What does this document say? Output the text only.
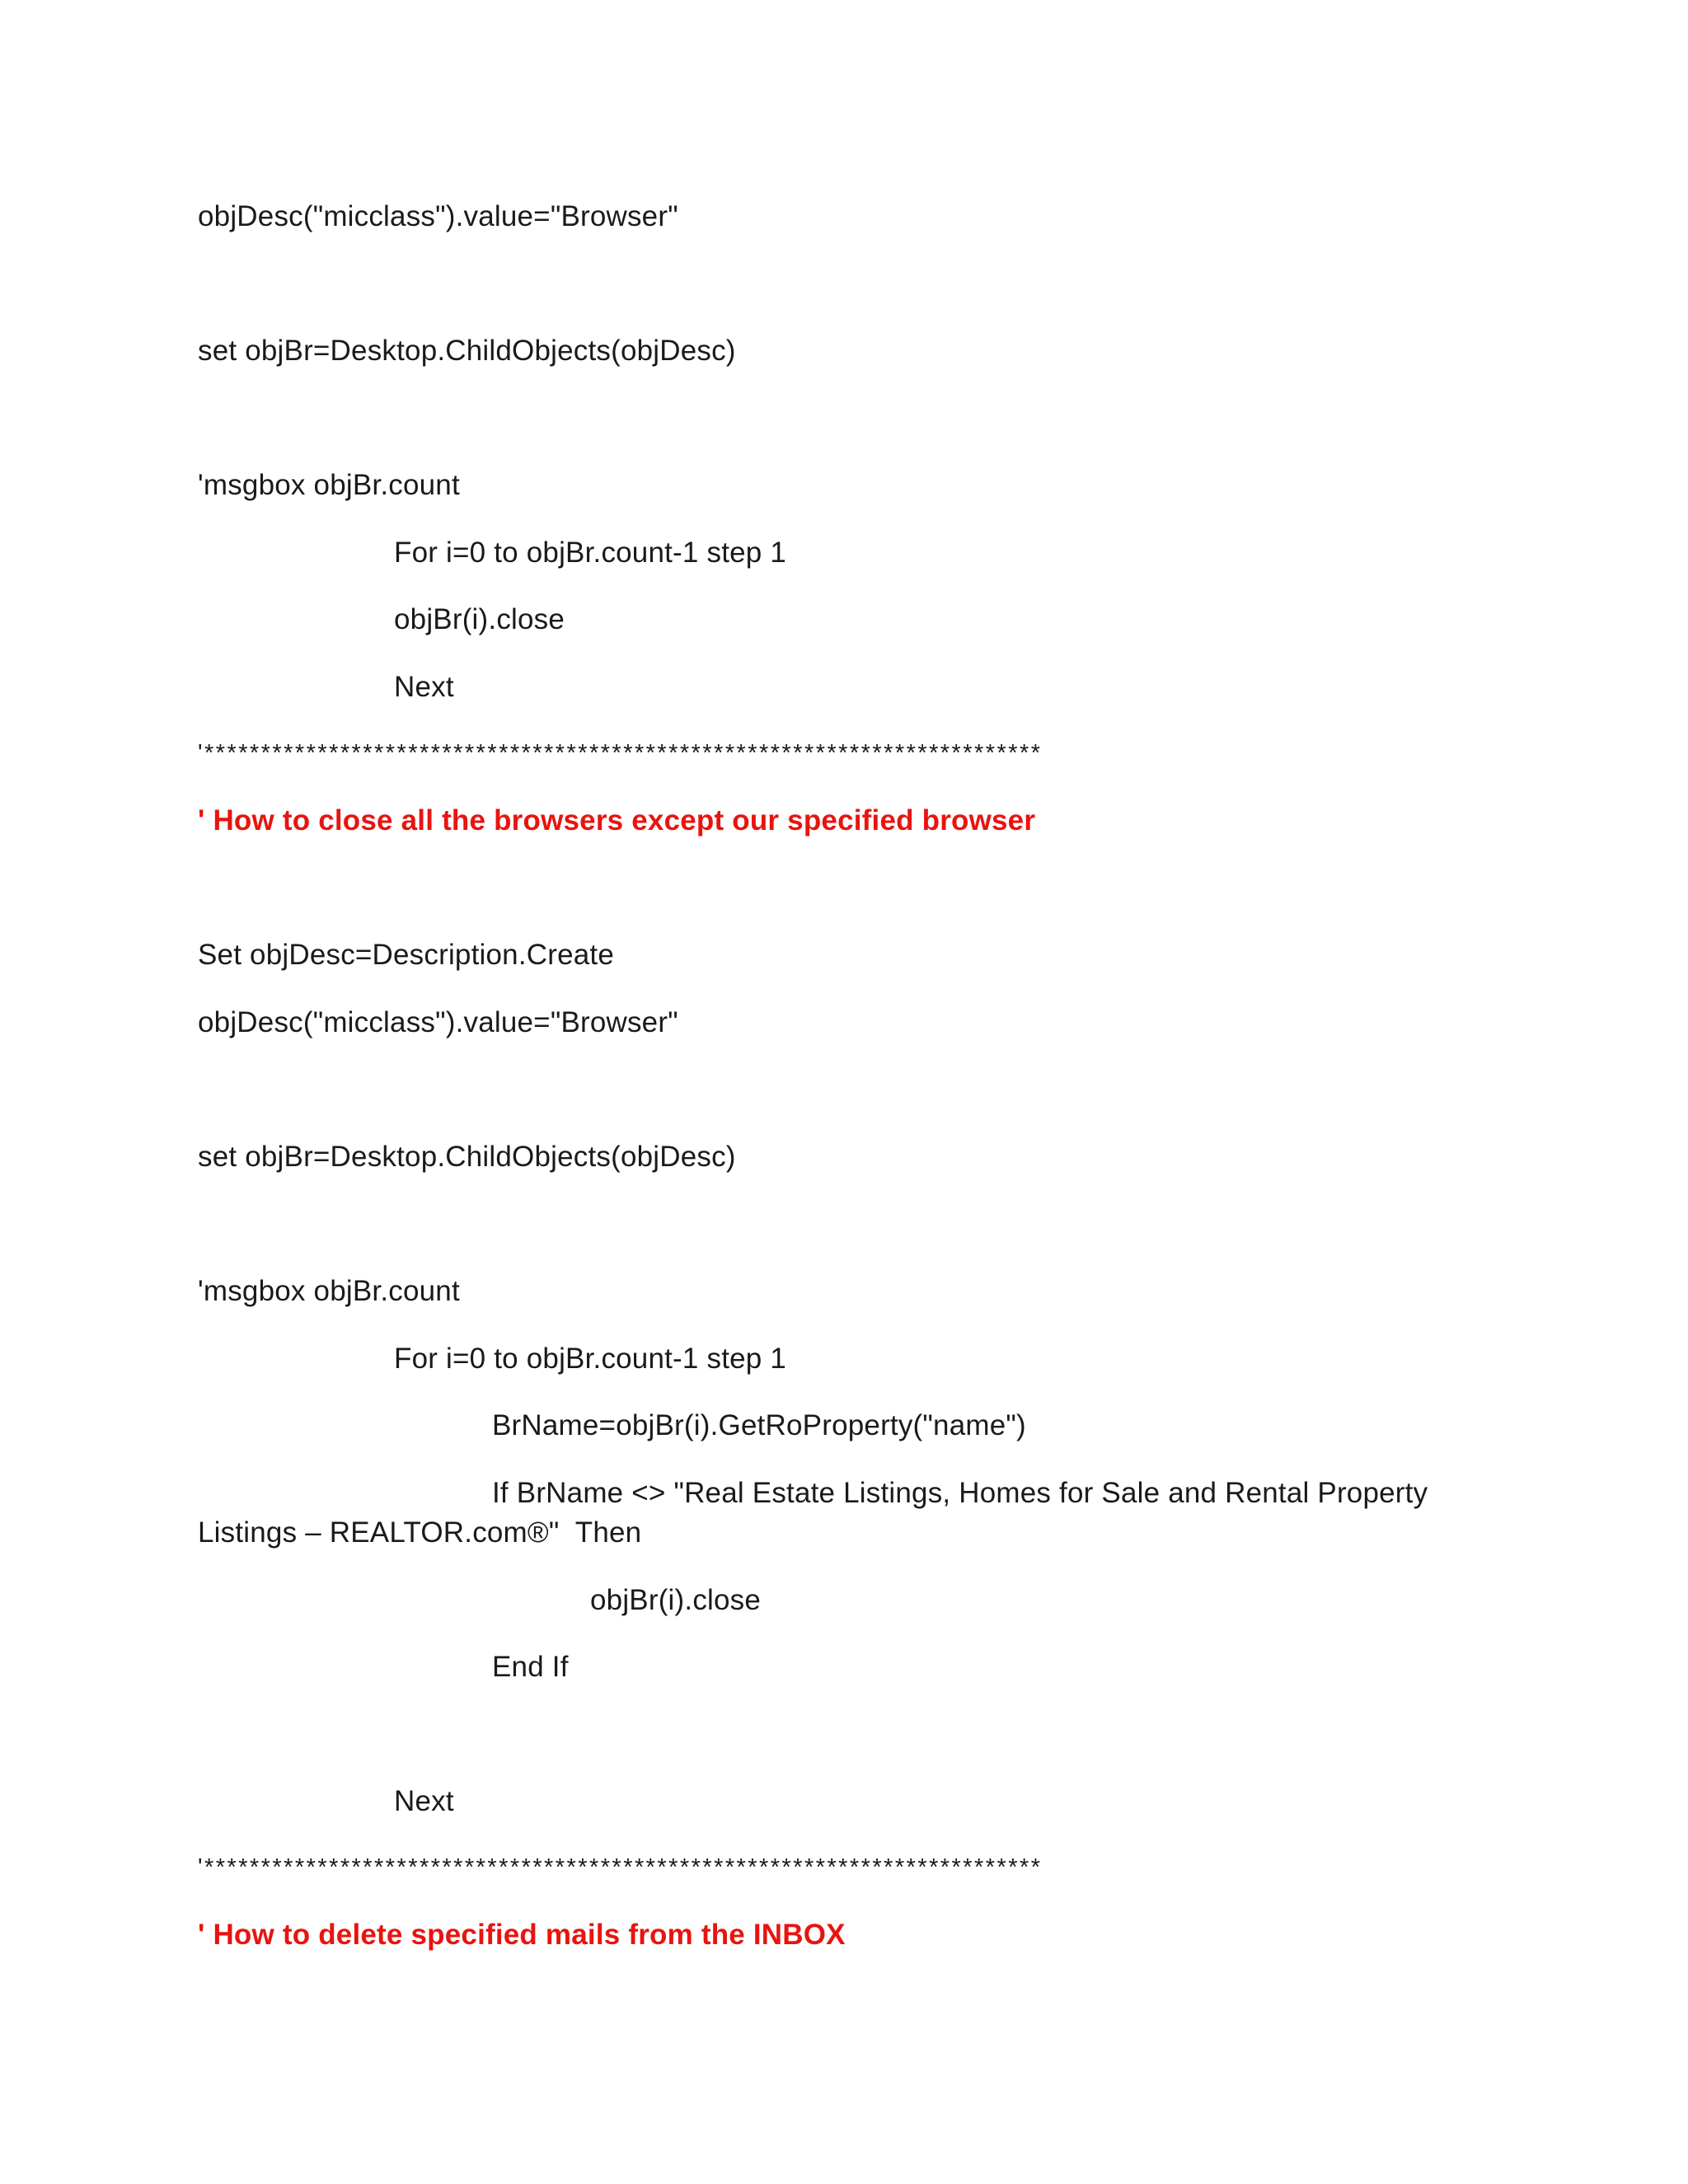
objDesc("micclass").value="Browser"
set objBr=Desktop.ChildObjects(objDesc)
'msgbox objBr.count
For i=0 to objBr.count-1 step 1
objBr(i).close
Next
'**************************************************************************
' How to close all the browsers except our specified browser
Set objDesc=Description.Create
objDesc("micclass").value="Browser"
set objBr=Desktop.ChildObjects(objDesc)
'msgbox objBr.count
For i=0 to objBr.count-1 step 1
BrName=objBr(i).GetRoProperty("name")
If BrName <> "Real Estate Listings, Homes for Sale and Rental Property
Listings – REALTOR.com®"  Then
objBr(i).close
End If
Next
'**************************************************************************
' How to delete specified mails from the INBOX
